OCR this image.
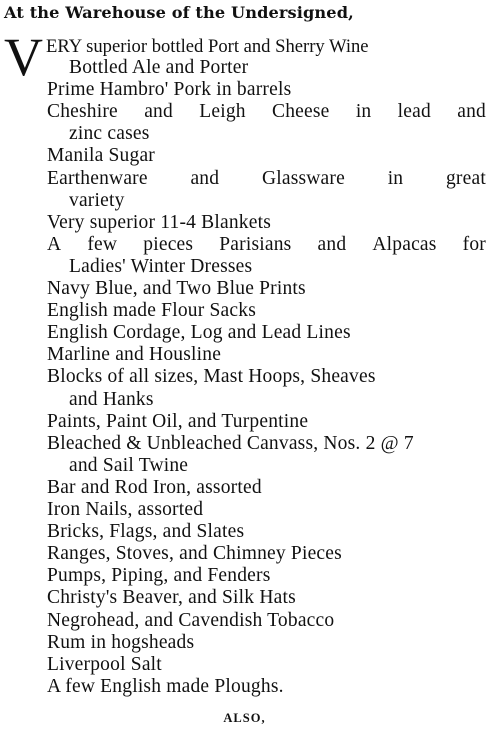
At the Warehouse of the Undersigned,
V ERY superior bottled Port and Sherry Wine
Bottled Ale and Porter
Prime Hambro' Pork in barrels
Cheshire and Leigh Cheese in lead and
zinc cases
Manila Sugar
Earthenware and Glassware in great
variety
Very superior 11-4 Blankets
A few pieces Parisians and Alpacas for
Ladies' Winter Dresses
Navy Blue, and Two Blue Prints
English made Flour Sacks
English Cordage, Log and Lead Lines
Marline and Housline
Blocks of all sizes, Mast Hoops, Sheaves
and Hanks
Paints, Paint Oil, and Turpentine
Bleached & Unbleached Canvass, Nos. 2 @ 7
and Sail Twine
Bar and Rod Iron, assorted
Iron Nails, assorted
Bricks, Flags, and Slates
Ranges, Stoves, and Chimney Pieces
Pumps, Piping, and Fenders
Christy's Beaver, and Silk Hats
Negrohead, and Cavendish Tobacco
Rum in hogsheads
Liverpool Salt
A few English made Ploughs.
ALSO,
